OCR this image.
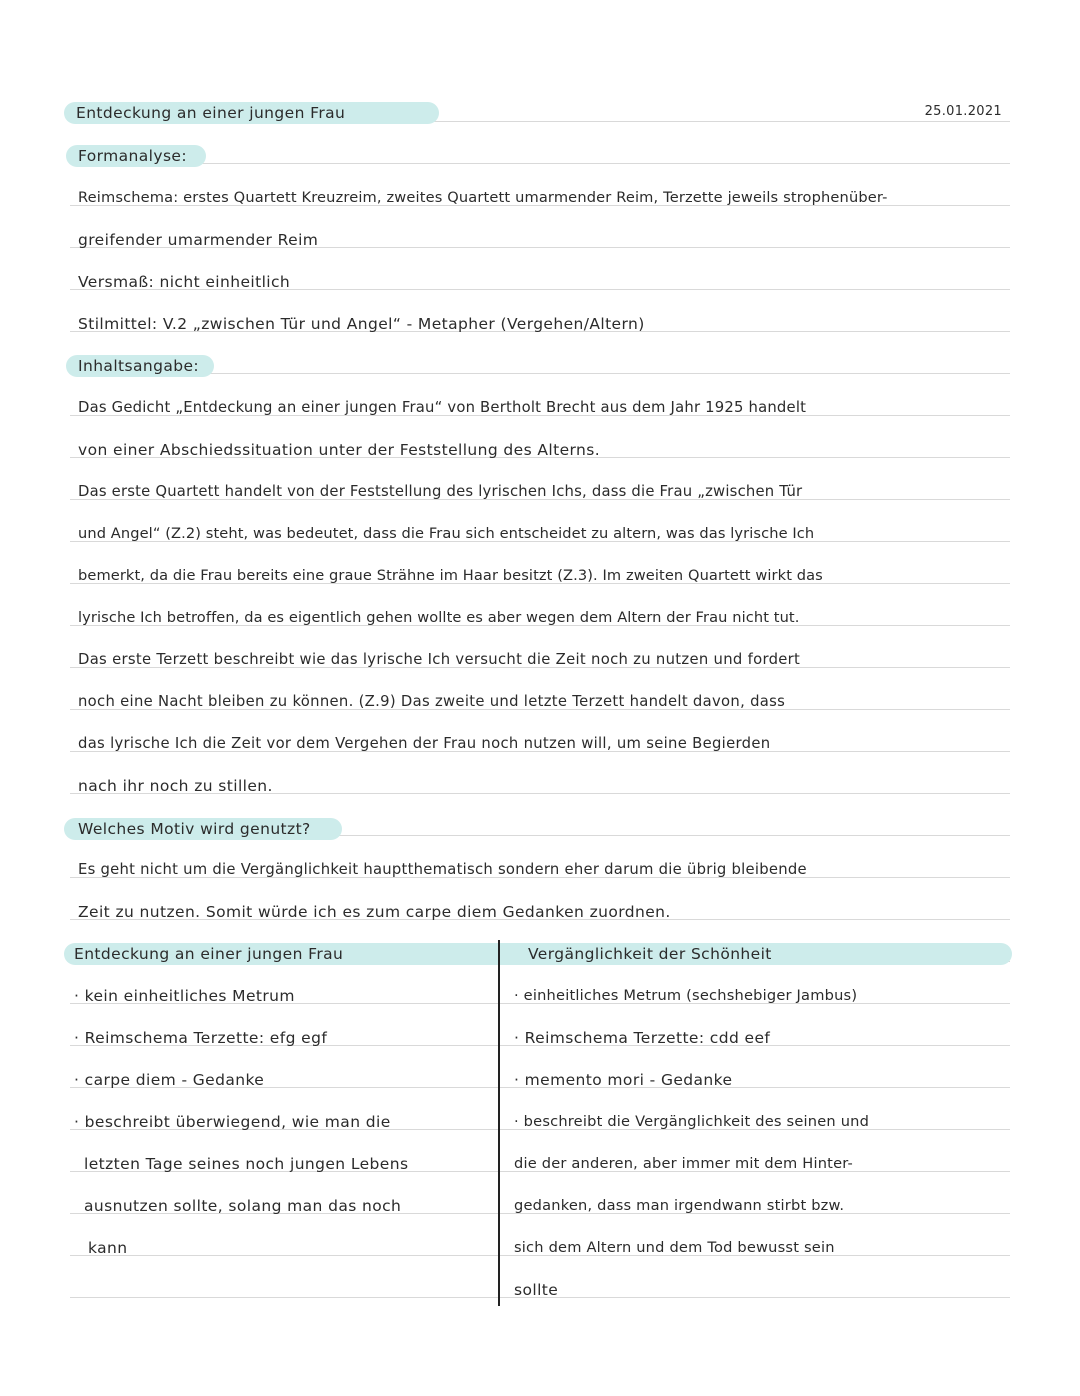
Entdeckung an einer jungen Frau	25.01.2021
Formanalyse:
Reimschema: erstes Quartett Kreuzreim, zweites Quartett umarmender Reim, Terzette jeweils strophenüber-
greifender umarmender Reim
Versmaß: nicht einheitlich
Stilmittel: V.2 „zwischen Tür und Angel“ - Metapher (Vergehen/Altern)
Inhaltsangabe:
Das Gedicht „Entdeckung an einer jungen Frau“ von Bertholt Brecht aus dem Jahr 1925 handelt
von einer Abschiedssituation unter der Feststellung des Alterns.
Das erste Quartett handelt von der Feststellung des lyrischen Ichs, dass die Frau „zwischen Tür
und Angel“ (Z.2) steht, was bedeutet, dass die Frau sich entscheidet zu altern, was das lyrische Ich
bemerkt, da die Frau bereits eine graue Strähne im Haar besitzt (Z.3). Im zweiten Quartett wirkt das
lyrische Ich betroffen, da es eigentlich gehen wollte es aber wegen dem Altern der Frau nicht tut.
Das erste Terzett beschreibt wie das lyrische Ich versucht die Zeit noch zu nutzen und fordert
noch eine Nacht bleiben zu können. (Z.9) Das zweite und letzte Terzett handelt davon, dass
das lyrische Ich die Zeit vor dem Vergehen der Frau noch nutzen will, um seine Begierden
nach ihr noch zu stillen.
Welches Motiv wird genutzt?
Es geht nicht um die Vergänglichkeit hauptthematisch sondern eher darum die übrig bleibende
Zeit zu nutzen. Somit würde ich es zum carpe diem Gedanken zuordnen.
Entdeckung an einer jungen Frau	Vergänglichkeit der Schönheit
· kein einheitliches Metrum
· Reimschema Terzette: efg egf
· carpe diem - Gedanke
· beschreibt überwiegend, wie man die
letzten Tage seines noch jungen Lebens
ausnutzen sollte, solang man das noch
kann
· einheitliches Metrum (sechshebiger Jambus)
· Reimschema Terzette: cdd eef
· memento mori - Gedanke
· beschreibt die Vergänglichkeit des seinen und
die der anderen, aber immer mit dem Hinter-
gedanken, dass man irgendwann stirbt bzw.
sich dem Altern und dem Tod bewusst sein
sollte
